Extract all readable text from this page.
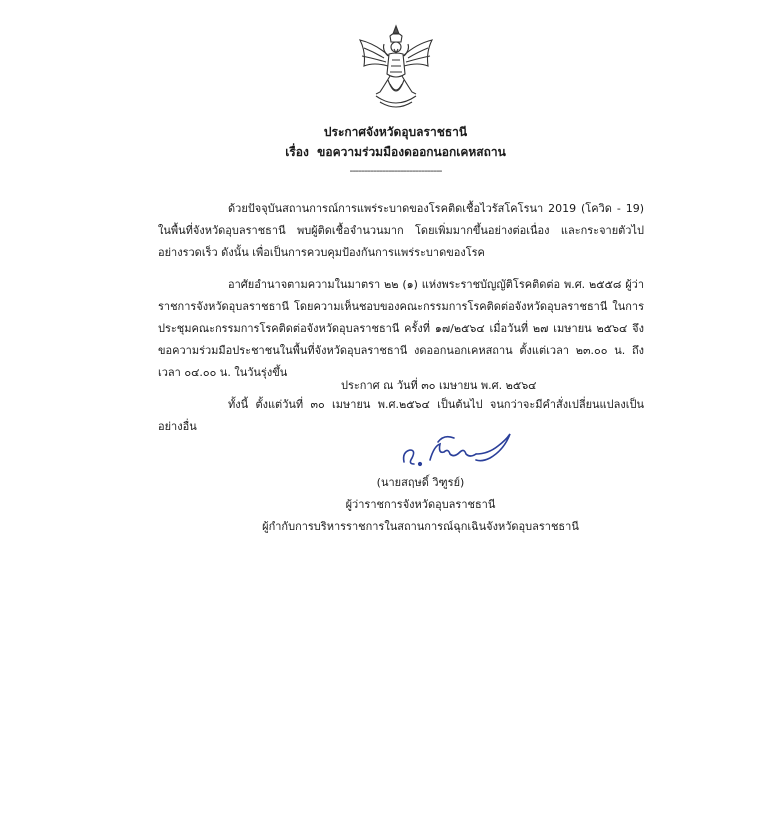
ประกาศจังหวัดอุบลราชธานี
เรื่อง ขอความร่วมมืองดออกนอกเคหสถาน
-------------------------------

ด้วยปัจจุบันสถานการณ์การแพร่ระบาดของโรคติดเชื้อไวรัสโคโรนา 2019 (โควิด - 19) ในพื้นที่จังหวัดอุบลราชธานี พบผู้ติดเชื้อจำนวนมาก โดยเพิ่มมากขึ้นอย่างต่อเนื่อง และกระจายตัวไปอย่างรวดเร็ว ดังนั้น เพื่อเป็นการควบคุมป้องกันการแพร่ระบาดของโรค

อาศัยอำนาจตามความในมาตรา ๒๒ (๑) แห่งพระราชบัญญัติโรคติดต่อ พ.ศ. ๒๕๕๘ ผู้ว่าราชการจังหวัดอุบลราชธานี โดยความเห็นชอบของคณะกรรมการโรคติดต่อจังหวัดอุบลราชธานี ในการประชุมคณะกรรมการโรคติดต่อจังหวัดอุบลราชธานี ครั้งที่ ๑๗/๒๕๖๔ เมื่อวันที่ ๒๗ เมษายน ๒๕๖๔ จึงขอความร่วมมือประชาชนในพื้นที่จังหวัดอุบลราชธานี งดออกนอกเคหสถาน ตั้งแต่เวลา ๒๓.๐๐ น. ถึงเวลา ๐๔.๐๐ น. ในวันรุ่งขึ้น

ทั้งนี้ ตั้งแต่วันที่ ๓๐ เมษายน พ.ศ.๒๕๖๔ เป็นต้นไป จนกว่าจะมีคำสั่งเปลี่ยนแปลงเป็นอย่างอื่น

ประกาศ ณ วันที่ ๓๐ เมษายน พ.ศ. ๒๕๖๔
(นายสฤษดิ์ วิฑูรย์)
ผู้ว่าราชการจังหวัดอุบลราชธานี
ผู้กำกับการบริหารราชการในสถานการณ์ฉุกเฉินจังหวัดอุบลราชธานี
